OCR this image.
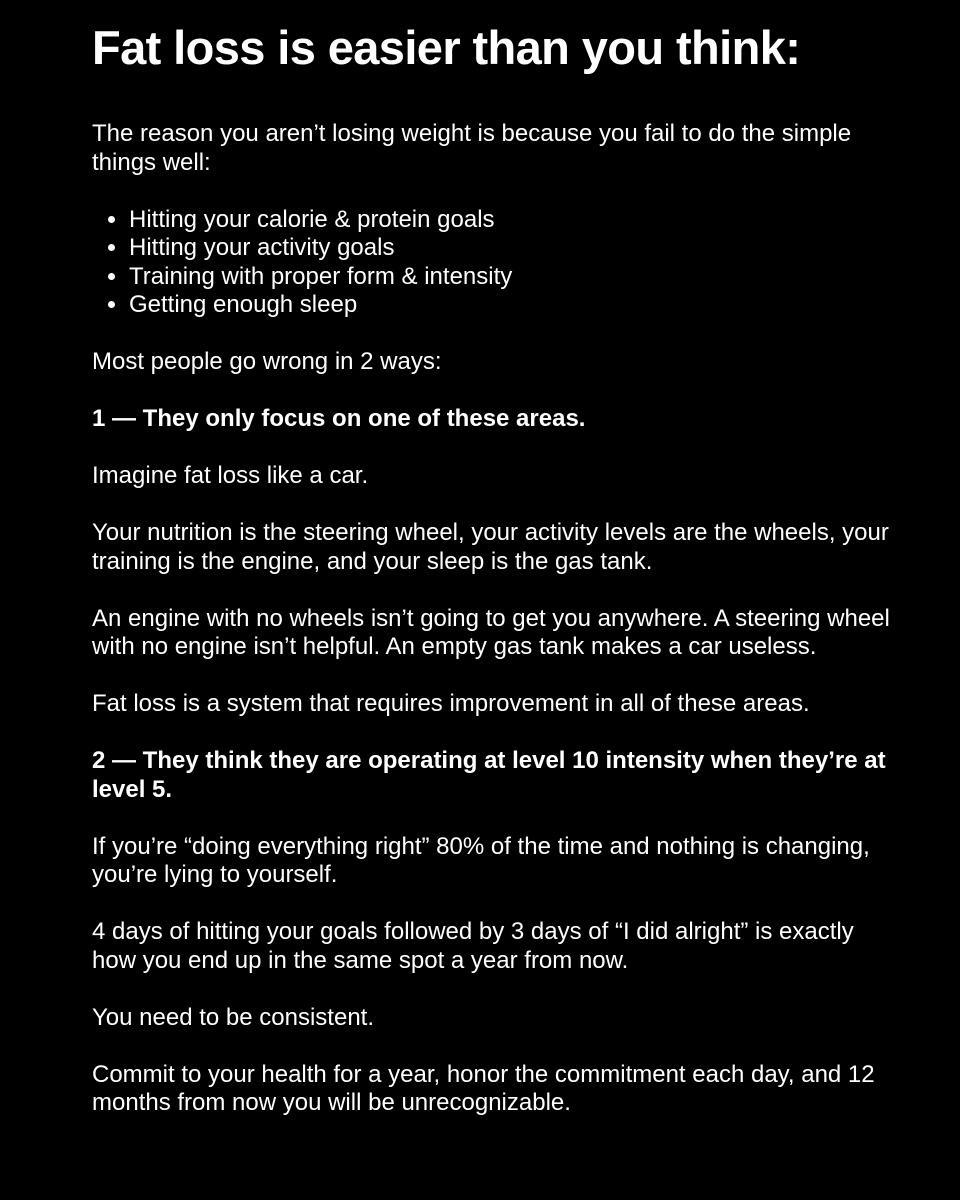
Fat loss is easier than you think:

The reason you aren’t losing weight is because you fail to do the simple things well:

• Hitting your calorie & protein goals
• Hitting your activity goals
• Training with proper form & intensity
• Getting enough sleep

Most people go wrong in 2 ways:

1 — They only focus on one of these areas.

Imagine fat loss like a car.

Your nutrition is the steering wheel, your activity levels are the wheels, your training is the engine, and your sleep is the gas tank.

An engine with no wheels isn’t going to get you anywhere. A steering wheel with no engine isn’t helpful. An empty gas tank makes a car useless.

Fat loss is a system that requires improvement in all of these areas.

2 — They think they are operating at level 10 intensity when they’re at level 5.

If you’re “doing everything right” 80% of the time and nothing is changing, you’re lying to yourself.

4 days of hitting your goals followed by 3 days of “I did alright” is exactly how you end up in the same spot a year from now.

You need to be consistent.

Commit to your health for a year, honor the commitment each day, and 12 months from now you will be unrecognizable.
